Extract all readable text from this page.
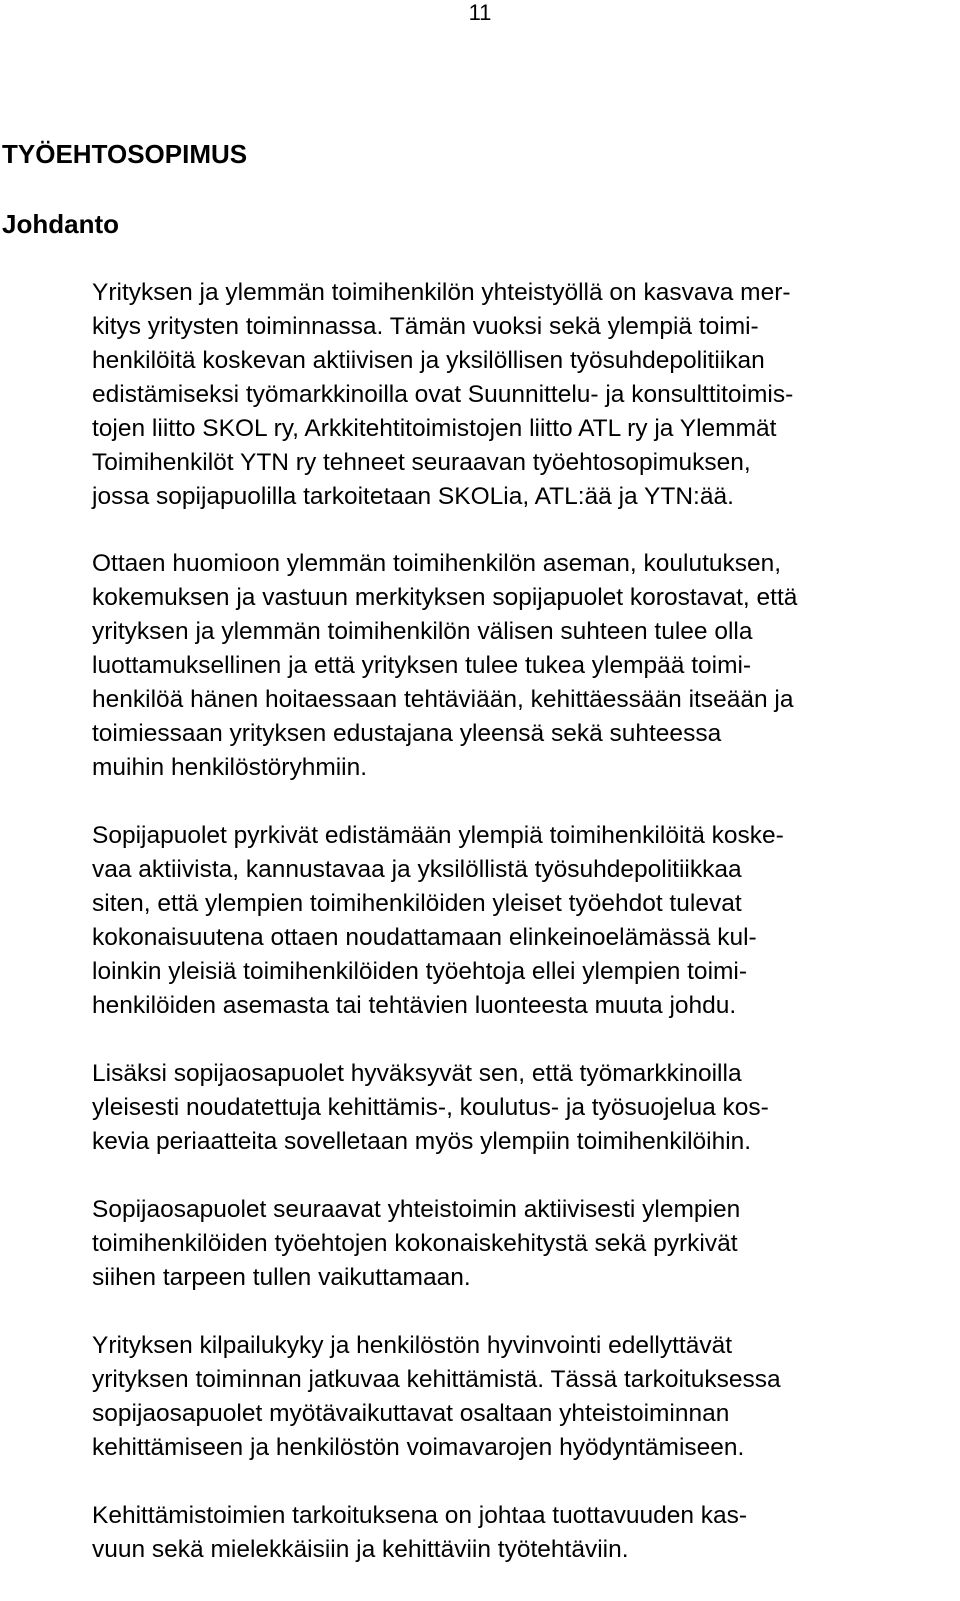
11
TYÖEHTOSOPIMUS
Johdanto

Yrityksen ja ylemmän toimihenkilön yhteistyöllä on kasvava mer-
kitys yritysten toiminnassa. Tämän vuoksi sekä ylempiä toimi-
henkilöitä koskevan aktiivisen ja yksilöllisen työsuhdepolitiikan
edistämiseksi työmarkkinoilla ovat Suunnittelu- ja konsulttitoimis-
tojen liitto SKOL ry, Arkkitehtitoimistojen liitto ATL ry ja Ylemmät
Toimihenkilöt YTN ry tehneet seuraavan työehtosopimuksen,
jossa sopijapuolilla tarkoitetaan SKOLia, ATL:ää ja YTN:ää.

Ottaen huomioon ylemmän toimihenkilön aseman, koulutuksen,
kokemuksen ja vastuun merkityksen sopijapuolet korostavat, että
yrityksen ja ylemmän toimihenkilön välisen suhteen tulee olla
luottamuksellinen ja että yrityksen tulee tukea ylempää toimi-
henkilöä hänen hoitaessaan tehtäviään, kehittäessään itseään ja
toimiessaan yrityksen edustajana yleensä sekä suhteessa
muihin henkilöstöryhmiin.

Sopijapuolet pyrkivät edistämään ylempiä toimihenkilöitä koske-
vaa aktiivista, kannustavaa ja yksilöllistä työsuhdepolitiikkaa
siten, että ylempien toimihenkilöiden yleiset työehdot tulevat
kokonaisuutena ottaen noudattamaan elinkeinoelämässä kul-
loinkin yleisiä toimihenkilöiden työehtoja ellei ylempien toimi-
henkilöiden asemasta tai tehtävien luonteesta muuta johdu.

Lisäksi sopijaosapuolet hyväksyvät sen, että työmarkkinoilla
yleisesti noudatettuja kehittämis-, koulutus- ja työsuojelua kos-
kevia periaatteita sovelletaan myös ylempiin toimihenkilöihin.

Sopijaosapuolet seuraavat yhteistoimin aktiivisesti ylempien
toimihenkilöiden työehtojen kokonaiskehitystä sekä pyrkivät
siihen tarpeen tullen vaikuttamaan.

Yrityksen kilpailukyky ja henkilöstön hyvinvointi edellyttävät
yrityksen toiminnan jatkuvaa kehittämistä. Tässä tarkoituksessa
sopijaosapuolet myötävaikuttavat osaltaan yhteistoiminnan
kehittämiseen ja henkilöstön voimavarojen hyödyntämiseen.

Kehittämistoimien tarkoituksena on johtaa tuottavuuden kas-
vuun sekä mielekkäisiin ja kehittäviin työtehtäviin.
